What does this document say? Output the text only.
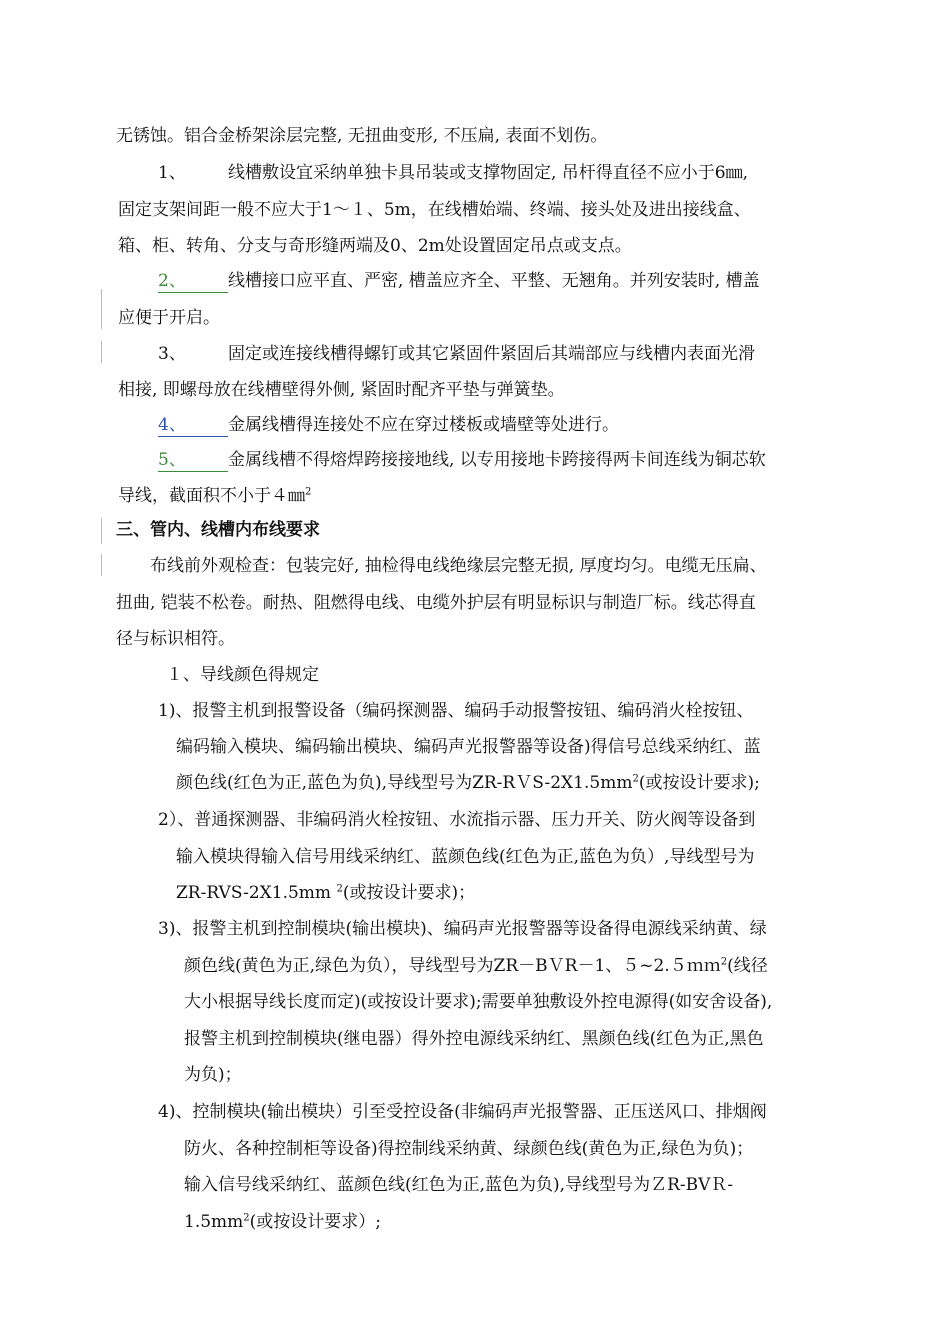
无锈蚀。铝合金桥架涂层完整, 无扭曲变形, 不压扁, 表面不划伤。
1、 线槽敷设宜采纳单独卡具吊装或支撑物固定, 吊杆得直径不应小于6㎜,
固定支架间距一般不应大于1～１、5m，在线槽始端、终端、接头处及进出接线盒、
箱、柜、转角、分支与奇形缝两端及0、2m处设置固定吊点或支点。
2、	线槽接口应平直、严密, 槽盖应齐全、平整、无翘角。并列安装时, 槽盖
应便于开启。
3、 固定或连接线槽得螺钉或其它紧固件紧固后其端部应与线槽内表面光滑
相接, 即螺母放在线槽壁得外侧, 紧固时配齐平垫与弹簧垫。
4、	金属线槽得连接处不应在穿过楼板或墙壁等处进行。
5、	金属线槽不得熔焊跨接接地线, 以专用接地卡跨接得两卡间连线为铜芯软
导线，截面积不小于４㎜$^2$
三、管内、线槽内布线要求
布线前外观检查：包装完好, 抽检得电线绝缘层完整无损, 厚度均匀。电缆无压扁、
扭曲, 铠装不松卷。耐热、阻燃得电线、电缆外护层有明显标识与制造厂标。线芯得直
径与标识相符。
１、导线颜色得规定
1)、报警主机到报警设备（编码探测器、编码手动报警按钮、编码消火栓按钮、
编码输入模块、编码输出模块、编码声光报警器等设备)得信号总线采纳红、蓝
颜色线(红色为正,蓝色为负),导线型号为$ZR-RVS-2X1.5mm^2$(或按设计要求);
2）、普通探测器、非编码消火栓按钮、水流指示器、压力开关、防火阀等设备到
输入模块得输入信号用线采纳红、蓝颜色线(红色为正,蓝色为负）,导线型号为
ZR-RVS-2X1.5mm $^2$(或按设计要求)；
3)、报警主机到控制模块(输出模块)、编码声光报警器等设备得电源线采纳黄、绿
颜色线(黄色为正,绿色为负），导线型号为ZR－BＶR－1、５~2.５ｍｍ$^2$(线径
大小根据导线长度而定)(或按设计要求);需要单独敷设外控电源得(如安舍设备),
报警主机到控制模块(继电器）得外控电源线采纳红、黑颜色线(红色为正,黑色
为负)；
4)、控制模块(输出模块）引至受控设备(非编码声光报警器、正压送风口、排烟阀
防火、各种控制柜等设备)得控制线采纳黄、绿颜色线(黄色为正,绿色为负)；
输入信号线采纳红、蓝颜色线(红色为正,蓝色为负),导线型号为ＺR-BVＲ-
$1.5mm^2$(或按设计要求）;
